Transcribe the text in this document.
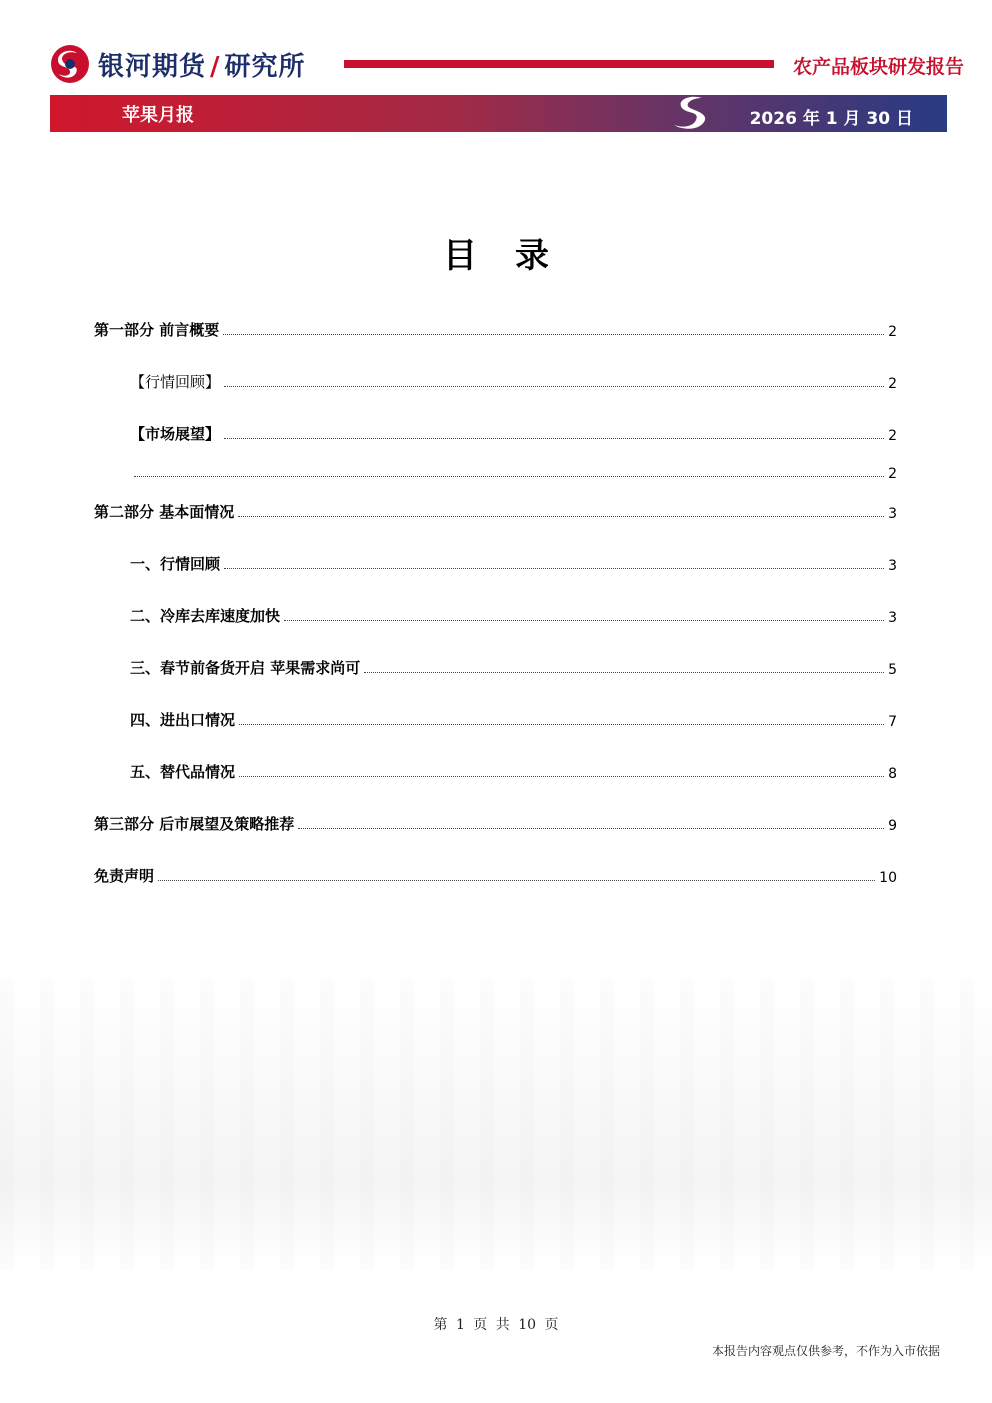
银河期货 / 研究所	农产品板块研发报告
苹果月报	2026 年 1 月 30 日
目录
第一部分 前言概要	2
【行情回顾】	2
【市场展望】	2
2
第二部分 基本面情况	3
一、行情回顾	3
二、冷库去库速度加快	3
三、春节前备货开启 苹果需求尚可	5
四、进出口情况	7
五、替代品情况	8
第三部分 后市展望及策略推荐	9
免责声明	10
第 1 页 共 10 页
本报告内容观点仅供参考，不作为入市依据
